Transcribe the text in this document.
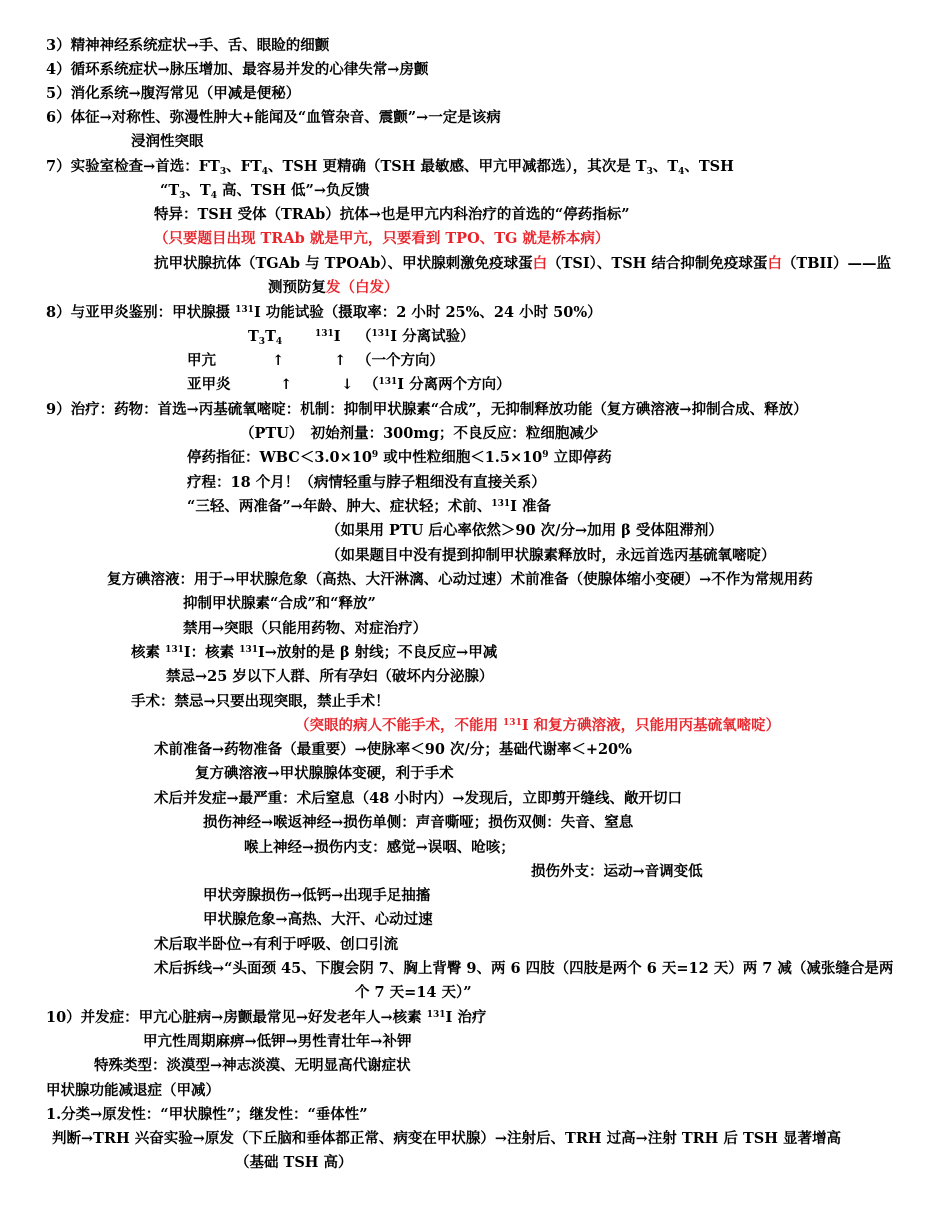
3）精神神经系统症状→手、舌、眼睑的细颤
4）循环系统症状→脉压增加、最容易并发的心律失常→房颤
5）消化系统→腹泻常见（甲减是便秘）
6）体征→对称性、弥漫性肿大+能闻及“血管杂音、震颤”→一定是该病
浸润性突眼
7）实验室检查→首选：$FT_3$、$FT_4$、TSH 更精确（TSH 最敏感、甲亢甲减都选），其次是 $T_3$、$T_4$、TSH
“$T_3$、$T_4$ 高、TSH 低”→负反馈
特异：TSH 受体（TRAb）抗体→也是甲亢内科治疗的首选的“停药指标”
（只要题目出现 TRAb 就是甲亢，只要看到 TPO、TG 就是桥本病）
抗甲状腺抗体（TGAb 与 TPOAb）、甲状腺刺激免疫球蛋白（TSI）、TSH 结合抑制免疫球蛋白（TBII）——监
测预防复发（白发）
8）与亚甲炎鉴别：甲状腺摄 $^{131}$I 功能试验（摄取率：2 小时 25%、24 小时 50%）
$T_3T_4$
$^{131}$I （$^{131}$I 分离试验）
甲亢	↑	↑ （一个方向）
亚甲炎	↑	↓ （$^{131}$I 分离两个方向）
9）治疗：药物：首选→丙基硫氧嘧啶：机制：抑制甲状腺素“合成”，无抑制释放功能（复方碘溶液→抑制合成、释放）
（PTU）　初始剂量：300mg；不良反应：粒细胞减少
停药指征：$WBC<3.0\times 10^9$ 或中性粒细胞$<1.5\times 10^9$ 立即停药
疗程：18 个月！（病情轻重与脖子粗细没有直接关系）
“三轻、两准备”→年龄、肿大、症状轻；术前、$^{131}$I 准备
（如果用 PTU 后心率依然＞90 次/分→加用 β 受体阻滞剂）
（如果题目中没有提到抑制甲状腺素释放时，永远首选丙基硫氧嘧啶）
复方碘溶液：用于→甲状腺危象（高热、大汗淋漓、心动过速）术前准备（使腺体缩小变硬）→不作为常规用药
抑制甲状腺素“合成”和“释放”
禁用→突眼（只能用药物、对症治疗）
核素 $^{131}$I：核素 $^{131}$I→放射的是 β 射线；不良反应→甲减
禁忌→25 岁以下人群、所有孕妇（破坏内分泌腺）
手术：禁忌→只要出现突眼，禁止手术！
（突眼的病人不能手术，不能用 $^{131}$I 和复方碘溶液，只能用丙基硫氧嘧啶）
术前准备→药物准备（最重要）→使脉率＜90 次/分；基础代谢率＜+20%
复方碘溶液→甲状腺腺体变硬，利于手术
术后并发症→最严重：术后窒息（48 小时内）→发现后，立即剪开缝线、敞开切口
损伤神经→喉返神经→损伤单侧：声音嘶哑；损伤双侧：失音、窒息
喉上神经→损伤内支：感觉→误咽、呛咳；
损伤外支：运动→音调变低
甲状旁腺损伤→低钙→出现手足抽搐
甲状腺危象→高热、大汗、心动过速
术后取半卧位→有利于呼吸、创口引流
术后拆线→“头面颈 45、下腹会阴 7、胸上背臀 9、两 6 四肢（四肢是两个 6 天=12 天）两 7 减（减张缝合是两
个 7 天=14 天）”
10）并发症：甲亢心脏病→房颤最常见→好发老年人→核素 $^{131}$I 治疗
甲亢性周期麻痹→低钾→男性青壮年→补钾
特殊类型：淡漠型→神志淡漠、无明显高代谢症状
甲状腺功能减退症（甲减）
1.分类→原发性：“甲状腺性”；继发性：“垂体性”
判断→TRH 兴奋实验→原发（下丘脑和垂体都正常、病变在甲状腺）→注射后、TRH 过高→注射 TRH 后 TSH 显著增高
（基础 TSH 高）
